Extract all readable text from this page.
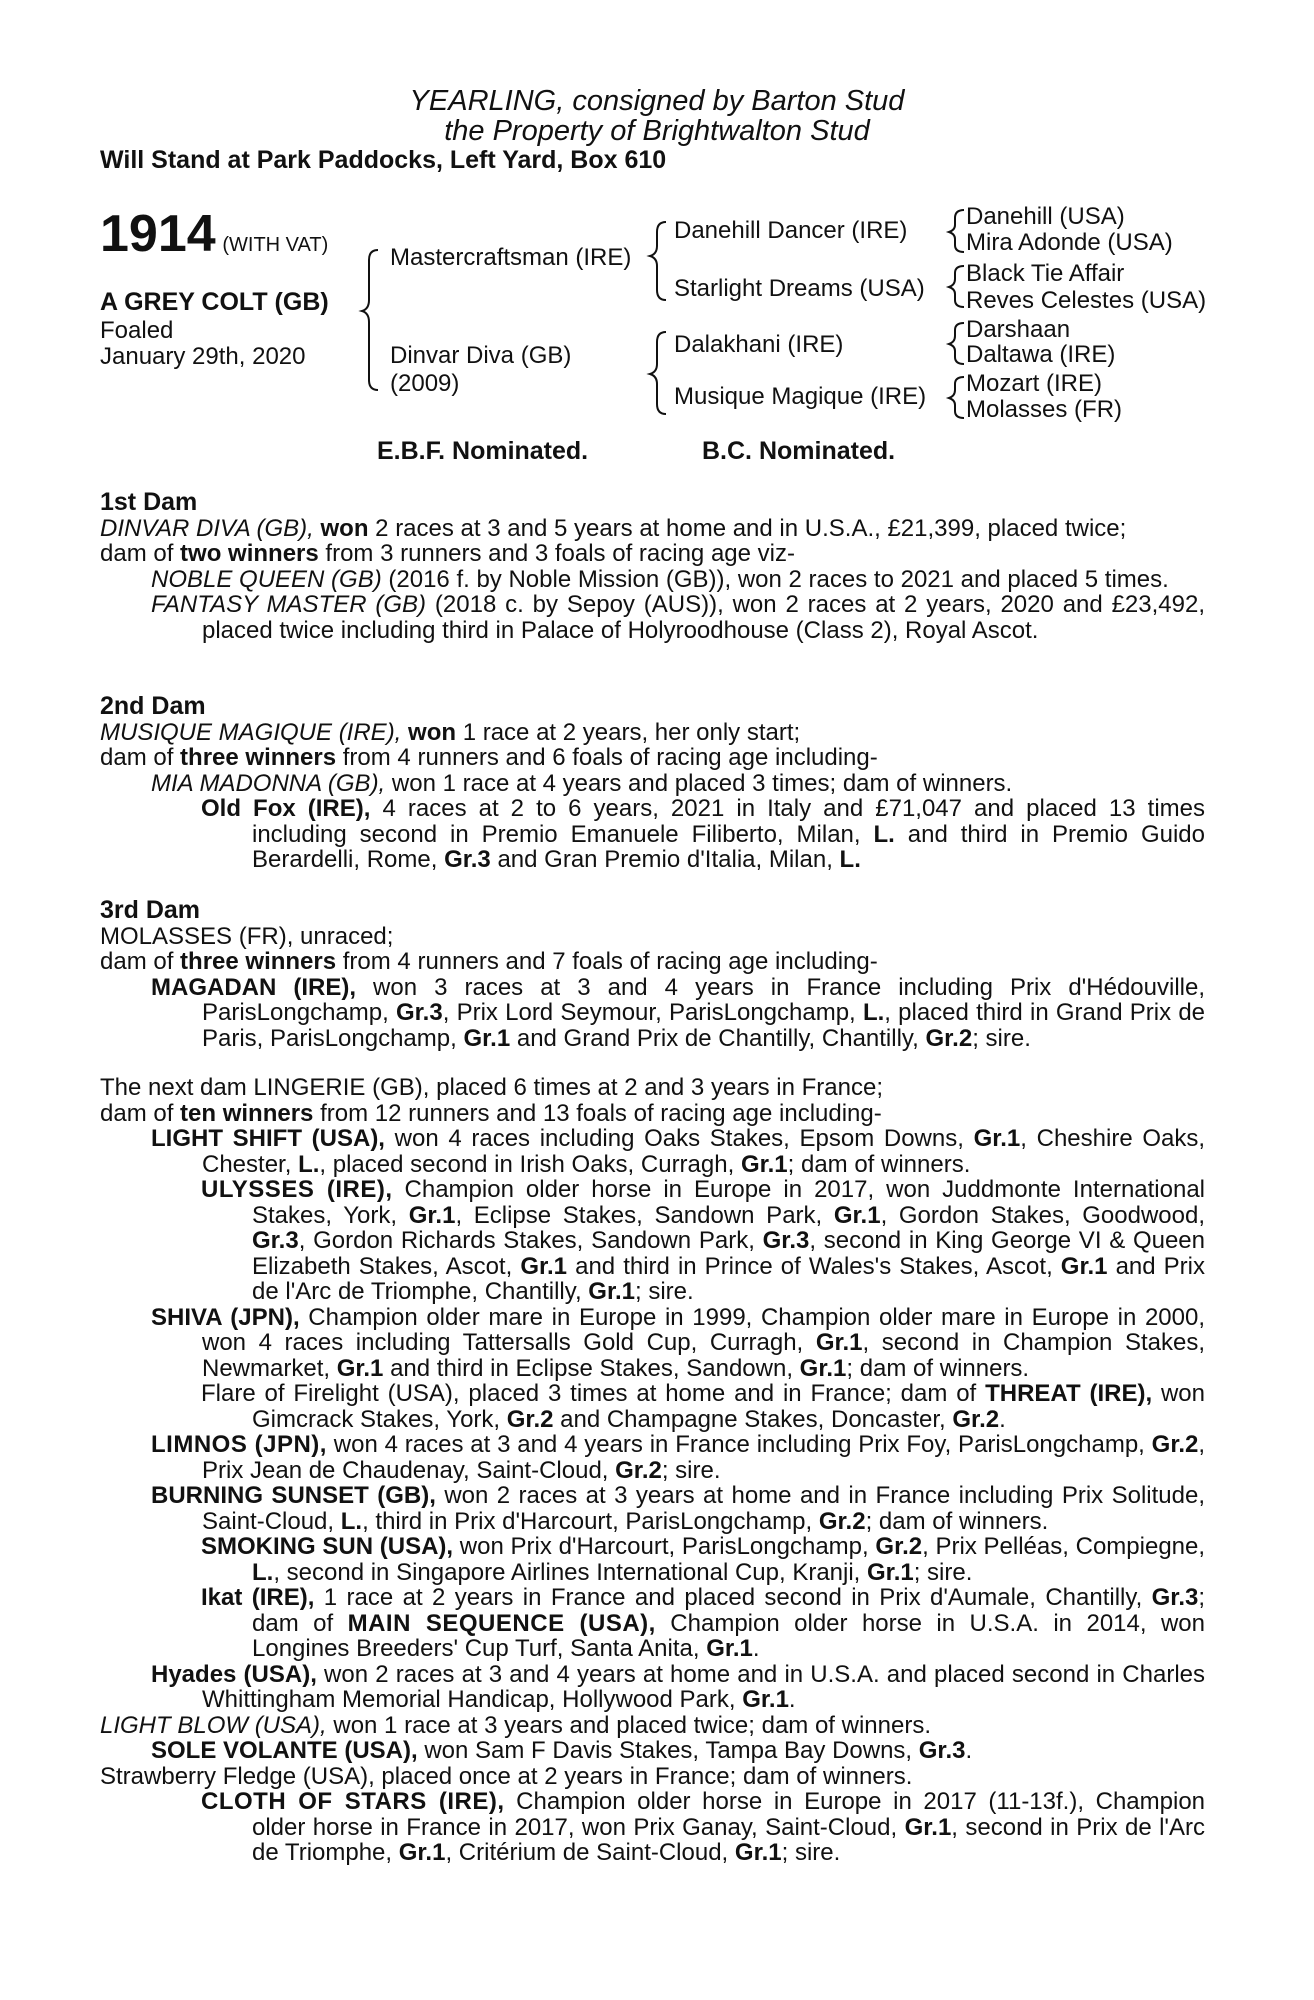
YEARLING, consigned by Barton Stud
the Property of Brightwalton Stud
Will Stand at Park Paddocks, Left Yard, Box 610
1914 (WITH VAT)
A GREY COLT (GB)
Foaled
January 29th, 2020
Mastercraftsman (IRE)
Dinvar Diva (GB)
(2009)
Danehill Dancer (IRE)
Starlight Dreams (USA)
Dalakhani (IRE)
Musique Magique (IRE)
Danehill (USA)
Mira Adonde (USA)
Black Tie Affair
Reves Celestes (USA)
Darshaan
Daltawa (IRE)
Mozart (IRE)
Molasses (FR)
E.B.F. Nominated.	B.C. Nominated.

1st Dam

DINVAR DIVA (GB), won 2 races at 3 and 5 years at home and in U.S.A., £21,399, placed twice;

dam of two winners from 3 runners and 3 foals of racing age viz-

NOBLE QUEEN (GB) (2016 f. by Noble Mission (GB)), won 2 races to 2021 and placed 5 times.

FANTASY MASTER (GB) (2018 c. by Sepoy (AUS)), won 2 races at 2 years, 2020 and £23,492, placed twice including third in Palace of Holyroodhouse (Class 2), Royal Ascot.

2nd Dam

MUSIQUE MAGIQUE (IRE), won 1 race at 2 years, her only start;

dam of three winners from 4 runners and 6 foals of racing age including-

MIA MADONNA (GB), won 1 race at 4 years and placed 3 times; dam of winners.

Old Fox (IRE), 4 races at 2 to 6 years, 2021 in Italy and £71,047 and placed 13 times including second in Premio Emanuele Filiberto, Milan, L. and third in Premio Guido Berardelli, Rome, Gr.3 and Gran Premio d'Italia, Milan, L.

3rd Dam

MOLASSES (FR), unraced;

dam of three winners from 4 runners and 7 foals of racing age including-

MAGADAN (IRE), won 3 races at 3 and 4 years in France including Prix d'Hédouville, ParisLongchamp, Gr.3, Prix Lord Seymour, ParisLongchamp, L., placed third in Grand Prix de Paris, ParisLongchamp, Gr.1 and Grand Prix de Chantilly, Chantilly, Gr.2; sire.

The next dam LINGERIE (GB), placed 6 times at 2 and 3 years in France;

dam of ten winners from 12 runners and 13 foals of racing age including-

LIGHT SHIFT (USA), won 4 races including Oaks Stakes, Epsom Downs, Gr.1, Cheshire Oaks, Chester, L., placed second in Irish Oaks, Curragh, Gr.1; dam of winners.

ULYSSES (IRE), Champion older horse in Europe in 2017, won Juddmonte International Stakes, York, Gr.1, Eclipse Stakes, Sandown Park, Gr.1, Gordon Stakes, Goodwood, Gr.3, Gordon Richards Stakes, Sandown Park, Gr.3, second in King George VI & Queen Elizabeth Stakes, Ascot, Gr.1 and third in Prince of Wales's Stakes, Ascot, Gr.1 and Prix de l'Arc de Triomphe, Chantilly, Gr.1; sire.

SHIVA (JPN), Champion older mare in Europe in 1999, Champion older mare in Europe in 2000, won 4 races including Tattersalls Gold Cup, Curragh, Gr.1, second in Champion Stakes, Newmarket, Gr.1 and third in Eclipse Stakes, Sandown, Gr.1; dam of winners.

Flare of Firelight (USA), placed 3 times at home and in France; dam of THREAT (IRE), won Gimcrack Stakes, York, Gr.2 and Champagne Stakes, Doncaster, Gr.2.

LIMNOS (JPN), won 4 races at 3 and 4 years in France including Prix Foy, ParisLongchamp, Gr.2, Prix Jean de Chaudenay, Saint-Cloud, Gr.2; sire.

BURNING SUNSET (GB), won 2 races at 3 years at home and in France including Prix Solitude, Saint-Cloud, L., third in Prix d'Harcourt, ParisLongchamp, Gr.2; dam of winners.

SMOKING SUN (USA), won Prix d'Harcourt, ParisLongchamp, Gr.2, Prix Pelléas, Compiegne, L., second in Singapore Airlines International Cup, Kranji, Gr.1; sire.

Ikat (IRE), 1 race at 2 years in France and placed second in Prix d'Aumale, Chantilly, Gr.3; dam of MAIN SEQUENCE (USA), Champion older horse in U.S.A. in 2014, won Longines Breeders' Cup Turf, Santa Anita, Gr.1.

Hyades (USA), won 2 races at 3 and 4 years at home and in U.S.A. and placed second in Charles Whittingham Memorial Handicap, Hollywood Park, Gr.1.

LIGHT BLOW (USA), won 1 race at 3 years and placed twice; dam of winners.

SOLE VOLANTE (USA), won Sam F Davis Stakes, Tampa Bay Downs, Gr.3.

Strawberry Fledge (USA), placed once at 2 years in France; dam of winners.

CLOTH OF STARS (IRE), Champion older horse in Europe in 2017 (11-13f.), Champion older horse in France in 2017, won Prix Ganay, Saint-Cloud, Gr.1, second in Prix de l'Arc de Triomphe, Gr.1, Critérium de Saint-Cloud, Gr.1; sire.
